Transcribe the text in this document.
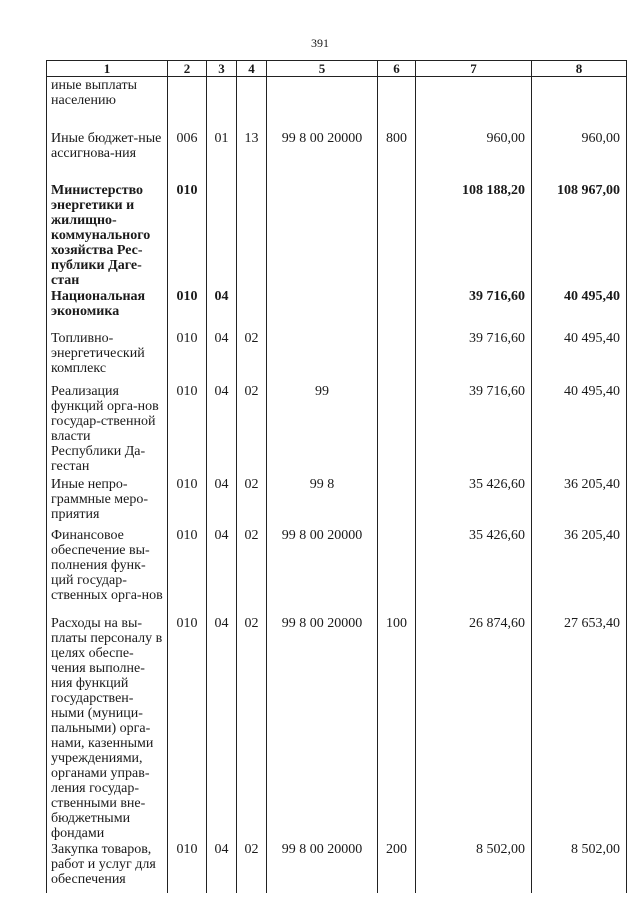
391
1	2	3	4	5	6	7	8
иные выплаты населению							
Иные бюджет-ные ассигнова-ния	006	01	13	99 8 00 20000	800	960,00	960,00
Министерство энергетики и жилищно-коммунального хозяйства Рес-публики Даге-стан	010					108 188,20	108 967,00
Национальная экономика	010	04				39 716,60	40 495,40
Топливно-энергетический комплекс	010	04	02			39 716,60	40 495,40
Реализация функций орга-нов государ-ственной власти Республики Да-гестан	010	04	02	99		39 716,60	40 495,40
Иные непро-граммные меро-приятия	010	04	02	99 8		35 426,60	36 205,40
Финансовое обеспечение вы-полнения функ-ций государ-ственных орга-нов	010	04	02	99 8 00 20000		35 426,60	36 205,40
Расходы на вы-платы персоналу в целях обеспе-чения выполне-ния функций государствен-ными (муници-пальными) орга-нами, казенными учреждениями, органами управ-ления государ-ственными вне-бюджетными фондами	010	04	02	99 8 00 20000	100	26 874,60	27 653,40
Закупка товаров, работ и услуг для обеспечения	010	04	02	99 8 00 20000	200	8 502,00	8 502,00
